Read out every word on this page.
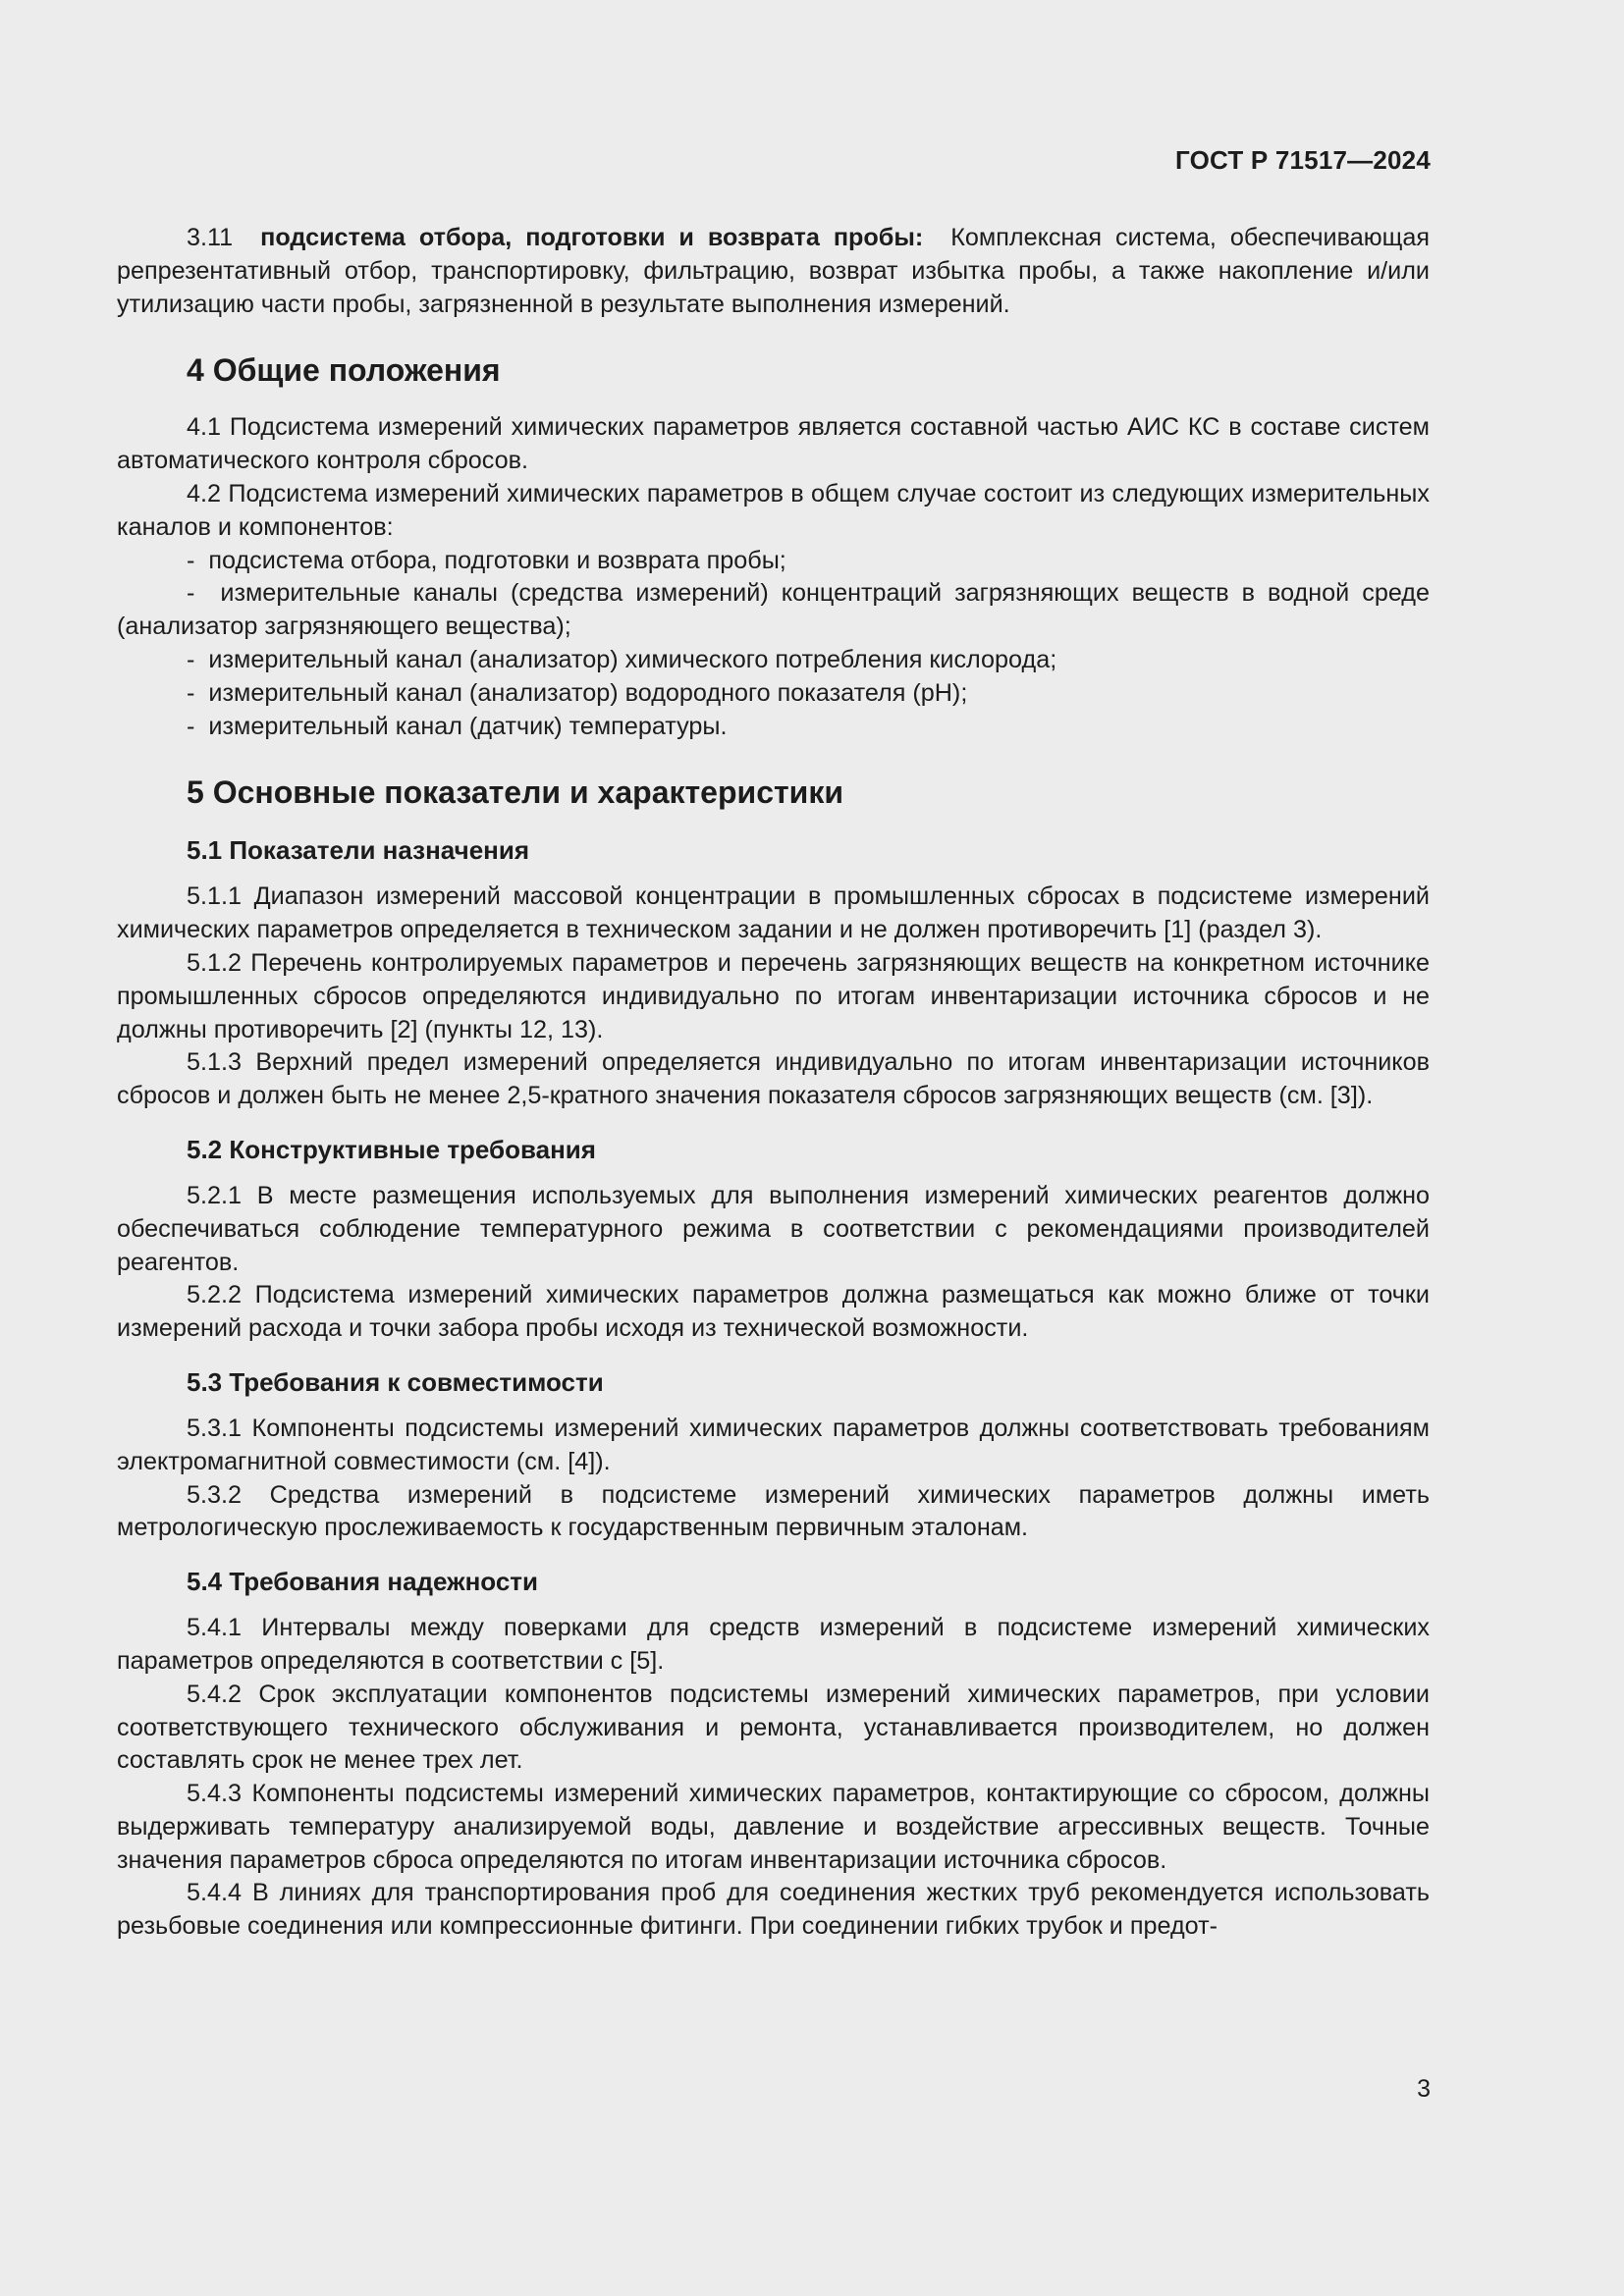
ГОСТ Р 71517—2024

3.11 подсистема отбора, подготовки и возврата пробы: Комплексная система, обеспечивающая репрезентативный отбор, транспортировку, фильтрацию, возврат избытка пробы, а также накопление и/или утилизацию части пробы, загрязненной в результате выполнения измерений.

4 Общие положения

4.1 Подсистема измерений химических параметров является составной частью АИС КС в составе систем автоматического контроля сбросов.

4.2 Подсистема измерений химических параметров в общем случае состоит из следующих измерительных каналов и компонентов:

-  подсистема отбора, подготовки и возврата пробы;

-  измерительные каналы (средства измерений) концентраций загрязняющих веществ в водной среде (анализатор загрязняющего вещества);

-  измерительный канал (анализатор) химического потребления кислорода;

-  измерительный канал (анализатор) водородного показателя (pH);

-  измерительный канал (датчик) температуры.

5 Основные показатели и характеристики
5.1 Показатели назначения

5.1.1 Диапазон измерений массовой концентрации в промышленных сбросах в подсистеме измерений химических параметров определяется в техническом задании и не должен противоречить [1] (раздел 3).

5.1.2 Перечень контролируемых параметров и перечень загрязняющих веществ на конкретном источнике промышленных сбросов определяются индивидуально по итогам инвентаризации источника сбросов и не должны противоречить [2] (пункты 12, 13).

5.1.3 Верхний предел измерений определяется индивидуально по итогам инвентаризации источников сбросов и должен быть не менее 2,5-кратного значения показателя сбросов загрязняющих веществ (см. [3]).

5.2 Конструктивные требования

5.2.1 В месте размещения используемых для выполнения измерений химических реагентов должно обеспечиваться соблюдение температурного режима в соответствии с рекомендациями производителей реагентов.

5.2.2 Подсистема измерений химических параметров должна размещаться как можно ближе от точки измерений расхода и точки забора пробы исходя из технической возможности.

5.3 Требования к совместимости

5.3.1 Компоненты подсистемы измерений химических параметров должны соответствовать требованиям электромагнитной совместимости (см. [4]).

5.3.2 Средства измерений в подсистеме измерений химических параметров должны иметь метрологическую прослеживаемость к государственным первичным эталонам.

5.4 Требования надежности

5.4.1 Интервалы между поверками для средств измерений в подсистеме измерений химических параметров определяются в соответствии с [5].

5.4.2 Срок эксплуатации компонентов подсистемы измерений химических параметров, при условии соответствующего технического обслуживания и ремонта, устанавливается производителем, но должен составлять срок не менее трех лет.

5.4.3 Компоненты подсистемы измерений химических параметров, контактирующие со сбросом, должны выдерживать температуру анализируемой воды, давление и воздействие агрессивных веществ. Точные значения параметров сброса определяются по итогам инвентаризации источника сбросов.

5.4.4 В линиях для транспортирования проб для соединения жестких труб рекомендуется использовать резьбовые соединения или компрессионные фитинги. При соединении гибких трубок и предот-

3
